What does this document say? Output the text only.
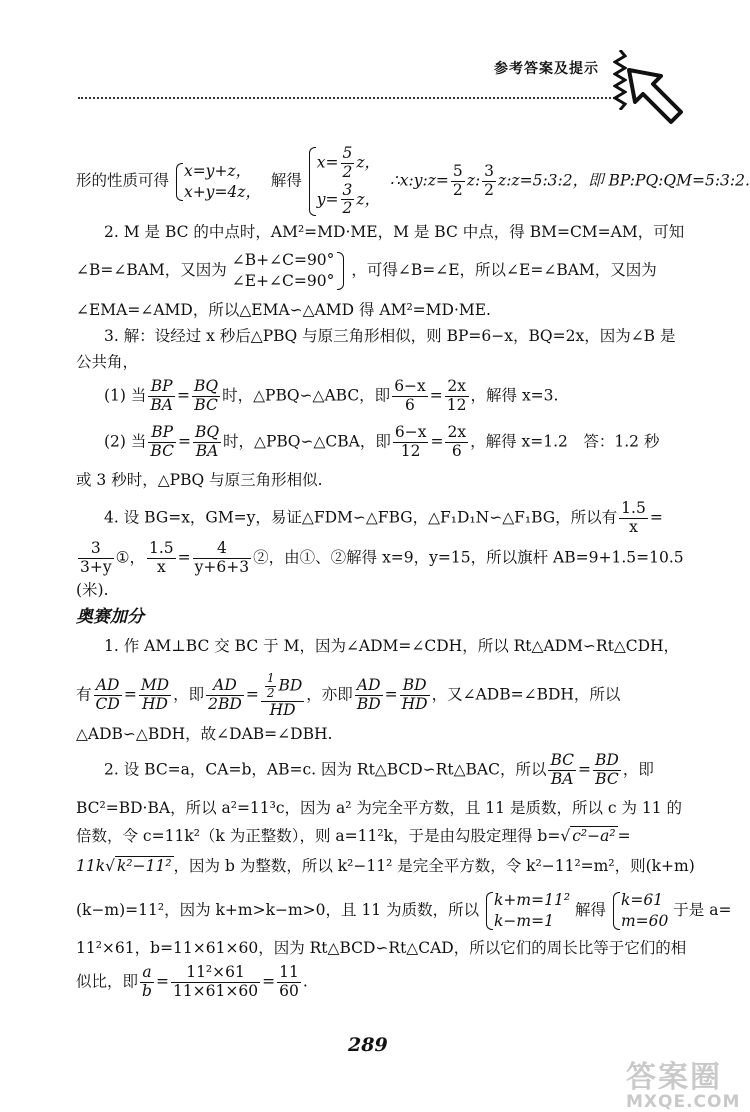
参考答案及提示
形的性质可得
x=y+z，
x+y=4z，
解得
$x= \frac{5}{2}$ z，
$y= \frac{3}{2}$ z，
∴x:y:z= $\frac{5}{2} z$: $\frac{3}{2}$ z:z=5:3:2，即 BP:PQ:QM=5:3:2.
2. M 是 BC 的中点时，AM²=MD·ME，M 是 BC 中点，得 BM=CM=AM，可知
∠B=∠BAM，又因为
∠B+∠C=90°
∠E+∠C=90°
，可得∠B=∠E，所以∠E=∠BAM，又因为
∠EMA=∠AMD，所以△EMA∽△AMD 得 AM²=MD·ME.
3. 解：设经过 x 秒后△PBQ 与原三角形相似，则 BP=6−x，BQ=2x，因为∠B 是
公共角，
(1) 当 $\frac{BP}{BA} = \frac{BQ}{BC}$ 时，△PBQ∽△ABC，即 $\frac{6-x}{6} = \frac{2x}{12}$ ，解得 x=3.
(2) 当 $\frac{BP}{BC} = \frac{BQ}{BA}$ 时，△PBQ∽△CBA，即 $\frac{6-x}{12} = \frac{2x}{6}$ ，解得 x=1.2　答：1.2 秒
或 3 秒时，△PBQ 与原三角形相似.
4. 设 BG=x，GM=y，易证△FDM∽△FBG，△F₁D₁N∽△F₁BG，所以有 $\frac{1.5}{x}$ =
$\frac{3}{3+y}$ ①， $\frac{1.5}{x} = \frac{4}{y+6+3}$ ②，由①、②解得 x=9，y=15，所以旗杆 AB=9+1.5=10.5
(米).
奥赛加分
1. 作 AM⊥BC 交 BC 于 M，因为∠ADM=∠CDH，所以 Rt△ADM∽Rt△CDH，
有 $\frac{AD}{CD} = \frac{MD}{HD}$ ，即 $\frac{AD}{2BD} = \frac{\frac{1}{2} BD}{HD}$ ，亦即 $\frac{AD}{BD} = \frac{BD}{HD}$ ，又∠ADB=∠BDH，所以
△ADB∽△BDH，故∠DAB=∠DBH.
2. 设 BC=a，CA=b，AB=c. 因为 Rt△BCD∽Rt△BAC，所以 $\frac{BC}{BA} = \frac{BD}{BC}$ ，即
BC²=BD·BA，所以 a²=11³c，因为 a² 为完全平方数，且 11 是质数，所以 c 为 11 的
倍数，令 c=11k²（k 为正整数），则 a=11²k，于是由勾股定理得 b=√ c²−a² =
11k√ k²−11² ，因为 b 为整数，所以 k²−11² 是完全平方数，令 k²−11²=m²，则(k+m)
(k−m)=11²，因为 k+m>k−m>0，且 11 为质数，所以
k+m=11²
k−m=1
解得
k=61
m=60
于是 a=
11²×61，b=11×61×60，因为 Rt△BCD∽Rt△CAD，所以它们的周长比等于它们的相
似比，即 $\frac{a}{b} = \frac{\text{11²×61}}{11\times 61\times 60} = \frac{11}{60}$ .
289
答案圈
MXQE.COM
